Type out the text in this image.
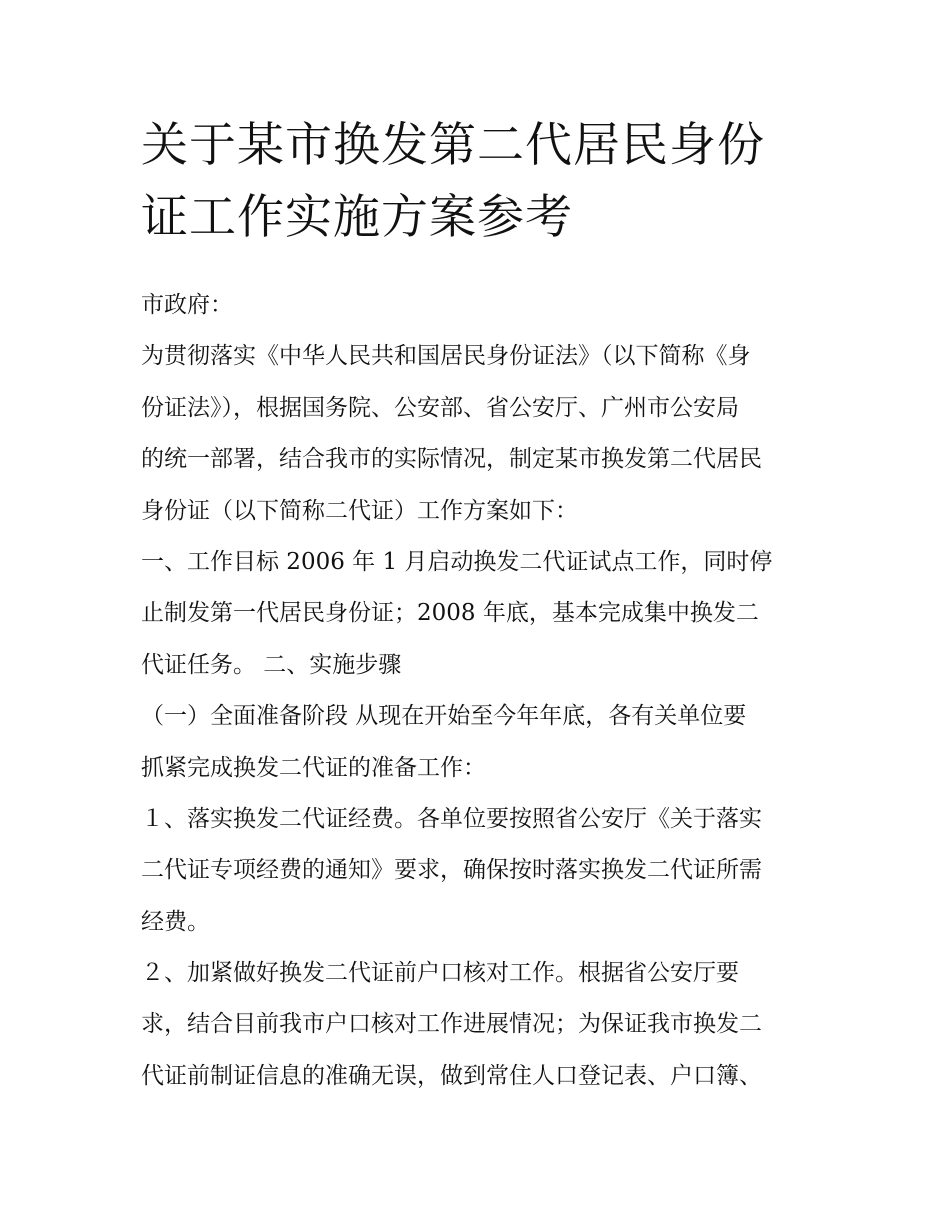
关于某市换发第二代居民身份
证工作实施方案参考
市政府：
为贯彻落实《中华人民共和国居民身份证法》（以下简称《身
份证法》），根据国务院、公安部、省公安厅、广州市公安局
的统一部署，结合我市的实际情况，制定某市换发第二代居民
身份证（以下简称二代证）工作方案如下：
一、工作目标 2006 年 1 月启动换发二代证试点工作，同时停
止制发第一代居民身份证；2008 年底，基本完成集中换发二
代证任务。 二、实施步骤
（一）全面准备阶段 从现在开始至今年年底，各有关单位要
抓紧完成换发二代证的准备工作：
１、落实换发二代证经费。各单位要按照省公安厅《关于落实
二代证专项经费的通知》要求，确保按时落实换发二代证所需
经费。
２、加紧做好换发二代证前户口核对工作。根据省公安厅要
求，结合目前我市户口核对工作进展情况；为保证我市换发二
代证前制证信息的准确无误，做到常住人口登记表、户口簿、
